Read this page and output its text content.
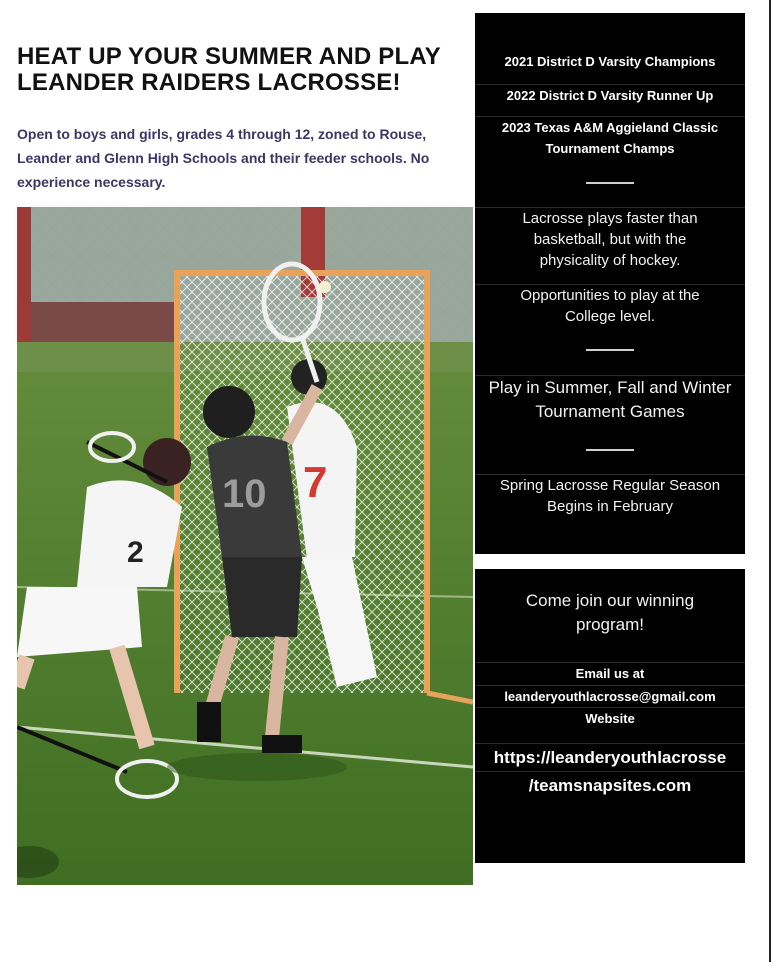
HEAT UP YOUR SUMMER AND PLAY LEANDER RAIDERS LACROSSE!
Open to boys and girls, grades 4 through 12, zoned to Rouse, Leander and Glenn High Schools and their feeder schools. No experience necessary.
7
10
2
2021 District D Varsity Champions
2022 District D Varsity Runner Up
2023 Texas A&M Aggieland Classic Tournament Champs
Lacrosse plays faster than basketball, but with the physicality of hockey.
Opportunities to play at the College level.
Play in Summer, Fall and Winter Tournament Games
Spring Lacrosse Regular Season Begins in February
Come join our winning program!
Email us at
leanderyouthlacrosse@gmail.com
Website
https://leanderyouthlacrosse
/teamsnapsites.com
